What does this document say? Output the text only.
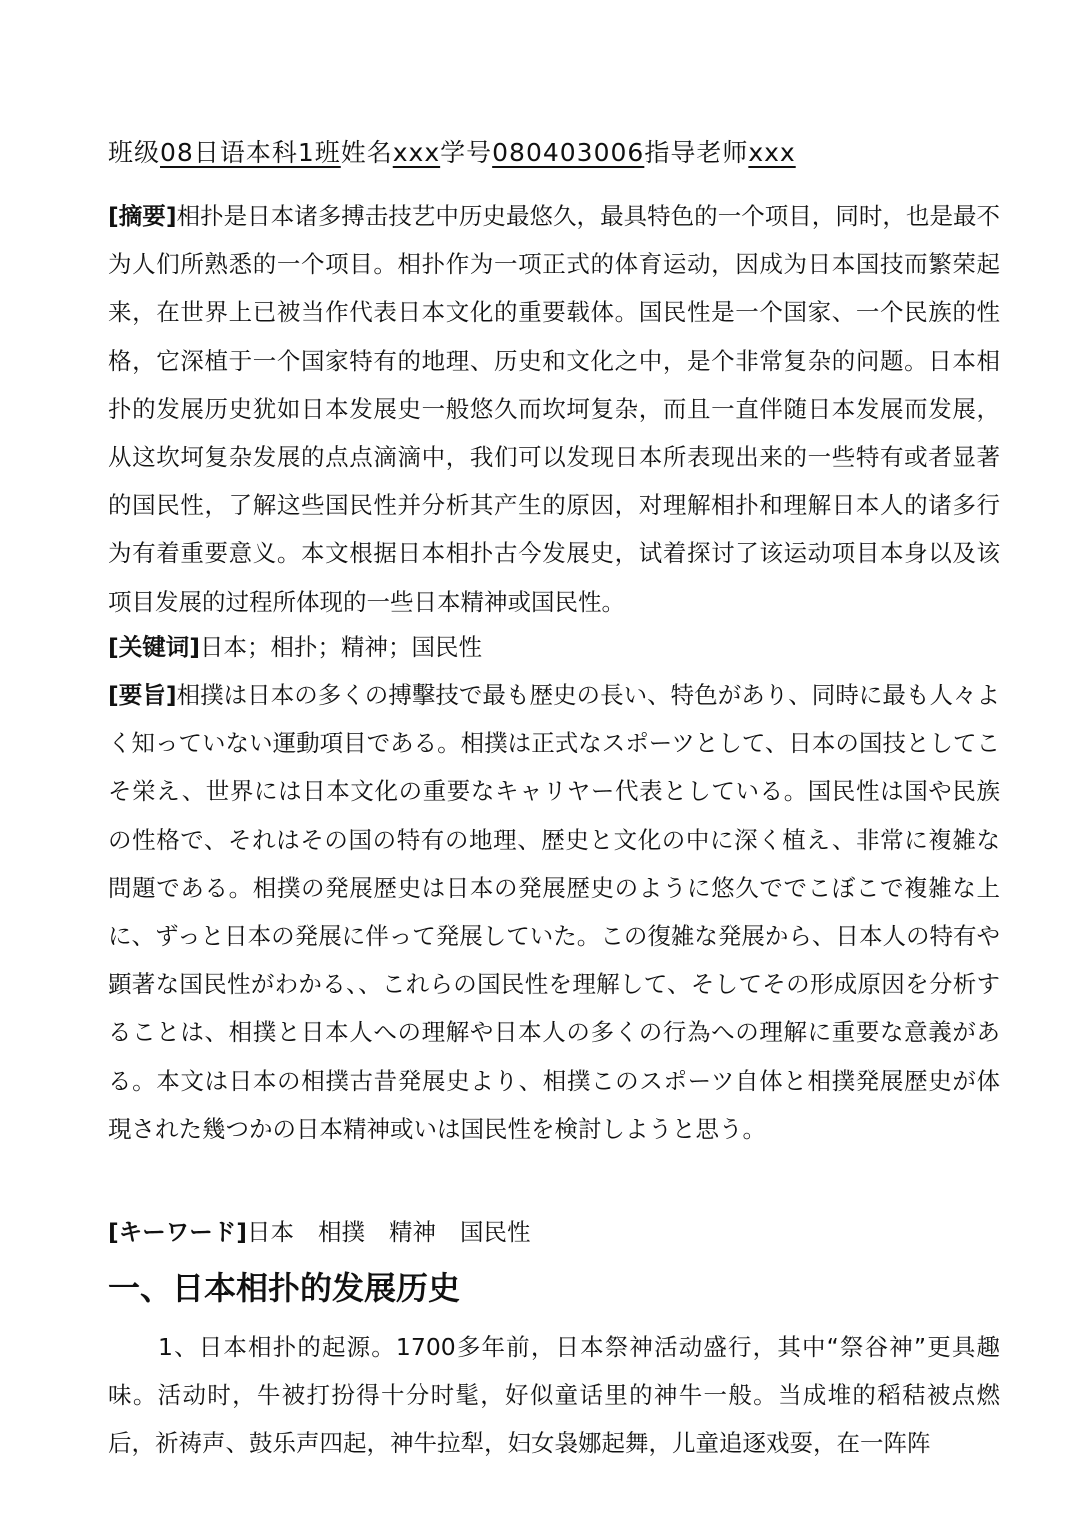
班级08日语本科1班姓名xxx学号080403006指导老师xxx
[摘要]相扑是日本诸多搏击技艺中历史最悠久，最具特色的一个项目，同时，也是最不为人们所熟悉的一个项目。相扑作为一项正式的体育运动，因成为日本国技而繁荣起来，在世界上已被当作代表日本文化的重要载体。国民性是一个国家、一个民族的性格，它深植于一个国家特有的地理、历史和文化之中，是个非常复杂的问题。日本相扑的发展历史犹如日本发展史一般悠久而坎坷复杂，而且一直伴随日本发展而发展，从这坎坷复杂发展的点点滴滴中，我们可以发现日本所表现出来的一些特有或者显著的国民性，了解这些国民性并分析其产生的原因，对理解相扑和理解日本人的诸多行为有着重要意义。本文根据日本相扑古今发展史，试着探讨了该运动项目本身以及该项目发展的过程所体现的一些日本精神或国民性。
[关键词]日本；相扑；精神；国民性
[要旨]相撲は日本の多くの搏擊技で最も歴史の長い、特色があり、同時に最も人々よく知っていない運動項目である。相撲は正式なスポーツとして、日本の国技としてこそ栄え、世界には日本文化の重要なキャリヤー代表としている。国民性は国や民族の性格で、それはその国の特有の地理、歴史と文化の中に深く植え、非常に複雑な問題である。相撲の発展歴史は日本の発展歴史のように悠久ででこぼこで複雑な上に、ずっと日本の発展に伴って発展していた。この復雑な発展から、日本人の特有や顕著な国民性がわかる、、これらの国民性を理解して、そしてその形成原因を分析することは、相撲と日本人への理解や日本人の多くの行為への理解に重要な意義がある。本文は日本の相撲古昔発展史より、相撲このスポーツ自体と相撲発展歴史が体現された幾つかの日本精神或いは国民性を検討しようと思う。
[キーワード]日本 相撲 精神 国民性
一、日本相扑的发展历史
1、日本相扑的起源。1700多年前，日本祭神活动盛行，其中“祭谷神”更具趣味。活动时，牛被打扮得十分时髦，好似童话里的神牛一般。当成堆的稻秸被点燃后，祈祷声、鼓乐声四起，神牛拉犁，妇女袅娜起舞，儿童追逐戏耍，在一阵阵
